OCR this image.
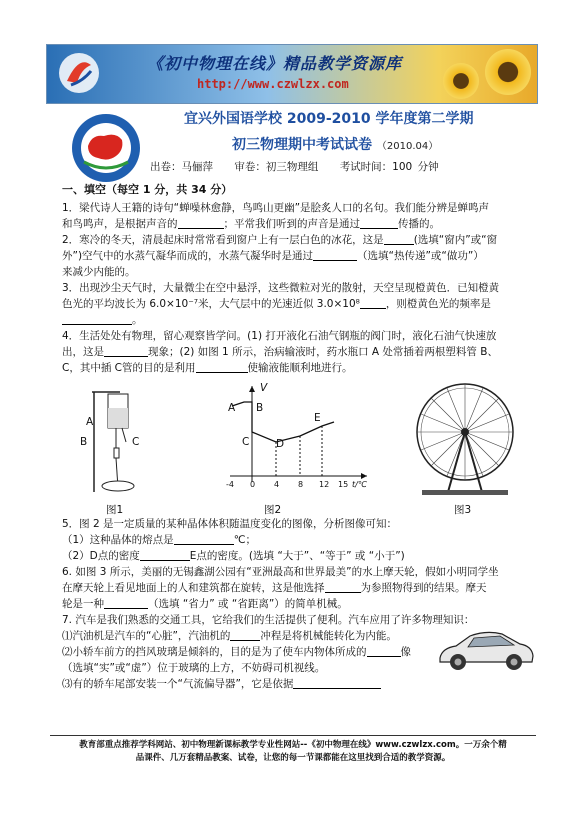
《初中物理在线》精品教学资源库
http://www.czwlzx.com
宜兴外国语学校 2009-2010 学年度第二学期
初三物理期中考试试卷 （2010.04）
出卷：马俪萍 审卷：初三物理组 考试时间：100 分钟

一、填空（每空 1 分，共 34 分）

1．梁代诗人王籍的诗句“蝉噪林愈静，鸟鸣山更幽”是脍炙人口的名句。我们能分辨是蝉鸣声

和鸟鸣声，是根据声音的	；平常我们听到的声音是通过	传播的。

2．寒冷的冬天，清晨起床时常常看到窗户上有一层白色的冰花，这是	(选填“窗内”或“窗

外”)空气中的水蒸气凝华而成的，水蒸气凝华时是通过	（选填“热传递”或“做功”）

来减少内能的。

3．出现沙尘天气时，大量微尘在空中悬浮，这些微粒对光的散射，天空呈现橙黄色．已知橙黄

色光的平均波长为 6.0×10⁻⁷米，大气层中的光速近似 3.0×10⁸ ，则橙黄色光的频率是

。

4．生活处处有物理，留心观察皆学问。(1) 打开液化石油气钢瓶的阀门时，液化石油气快速放

出，这是	现象；(2) 如图 1 所示，治病输液时，药水瓶口 A 处常插着两根塑料管 B、

C，其中插 C管的目的是利用	使输液能顺利地进行。

A
B	C
V
A B
C	D
E
-4 0 4 8 12 15 t/℃
图1	图2	图3

5．图 2 是一定质量的某种晶体体积随温度变化的图像，分析图像可知：

（1）这种晶体的熔点是	℃；

（2）D点的密度	E点的密度。(选填 “大于”、“等于” 或 “小于”)

6. 如图 3 所示，美丽的无锡鑫湖公园有“亚洲最高和世界最美”的水上摩天轮，假如小明同学坐

在摩天轮上看见地面上的人和建筑都在旋转，这是他选择	为参照物得到的结果。摩天

轮是一种	（选填 “省力” 或 “省距离”）的简单机械。

7. 汽车是我们熟悉的交通工具，它给我们的生活提供了便利。汽车应用了许多物理知识：

⑴汽油机是汽车的“心脏”，汽油机的	冲程是将机械能转化为内能。

⑵小轿车前方的挡风玻璃是倾斜的，目的是为了使车内物体所成的	像

（选填“实”或“虚”）位于玻璃的上方，不妨碍司机视线。

⑶有的轿车尾部安装一个“气流偏导器”，它是依据

教育部重点推荐学科网站、初中物理新课标教学专业性网站--《初中物理在线》www.czwlzx.com。一万余个精
品课件、几万套精品教案、试卷，让您的每一节课都能在这里找到合适的教学资源。
